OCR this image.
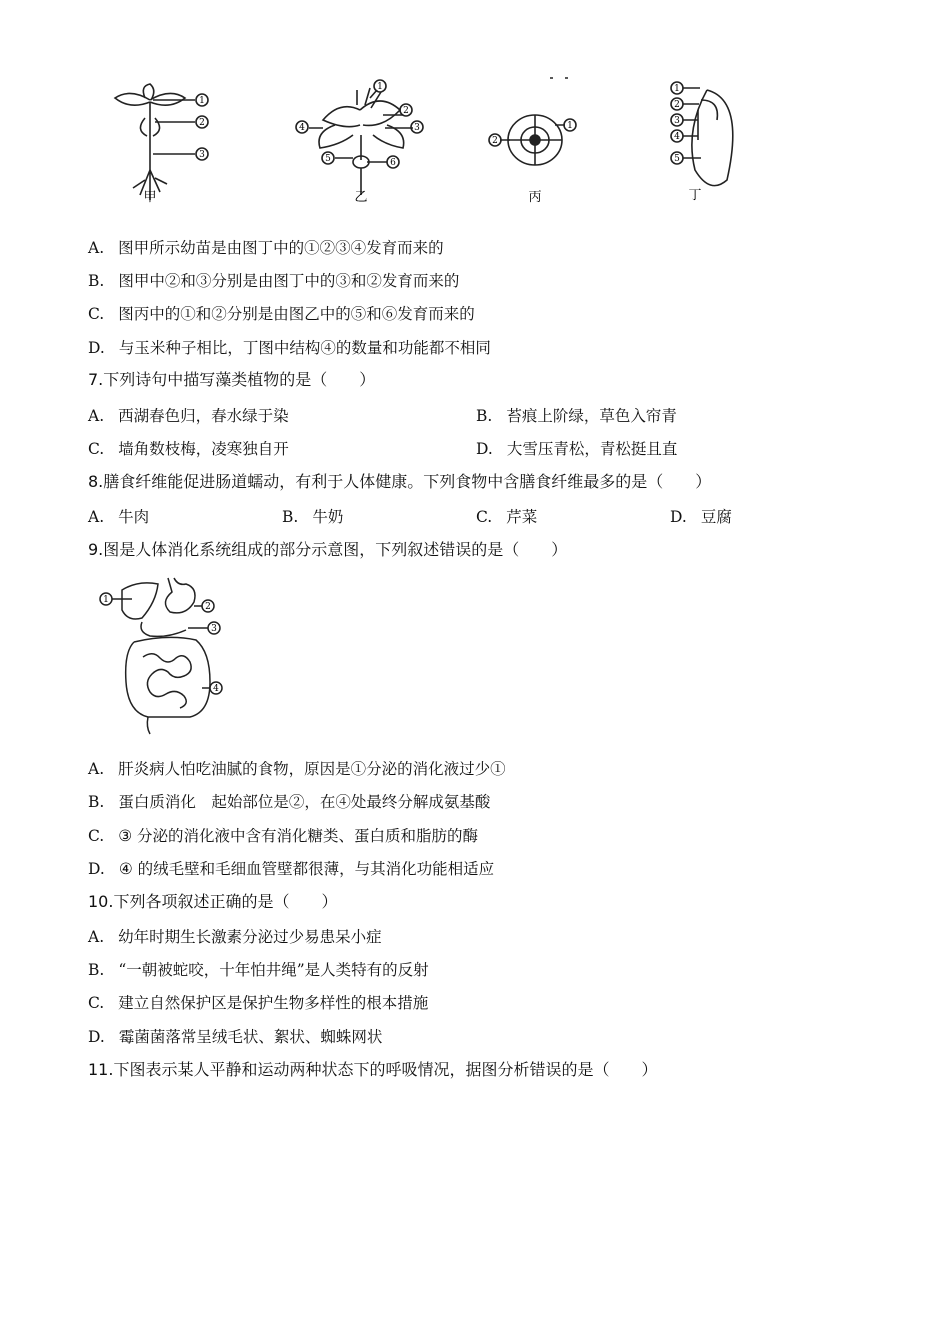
甲	乙	丙	丁
1
2
3
1
2
3
4
5	6
1
2
1
2
3
4
5
A. 图甲所示幼苗是由图丁中的①②③④发育而来的
B. 图甲中②和③分别是由图丁中的③和②发育而来的
C. 图丙中的①和②分别是由图乙中的⑤和⑥发育而来的
D. 与玉米种子相比，丁图中结构④的数量和功能都不相同
7.下列诗句中描写藻类植物的是（　　）
A. 西湖春色归，春水绿于染	B. 苔痕上阶绿，草色入帘青
C. 墙角数枝梅，凌寒独自开	D. 大雪压青松，青松挺且直
8.膳食纤维能促进肠道蠕动，有利于人体健康。下列食物中含膳食纤维最多的是（　　）
A. 牛肉	B. 牛奶	C. 芹菜	D. 豆腐
9.图是人体消化系统组成的部分示意图，下列叙述错误的是（　　）
1
2
3
4
A. 肝炎病人怕吃油腻的食物，原因是①分泌的消化液过少①
B. 蛋白质消化　起始部位是②，在④处最终分解成氨基酸
C. ③ 分泌的消化液中含有消化糖类、蛋白质和脂肪的酶
D. ④ 的绒毛壁和毛细血管壁都很薄，与其消化功能相适应
10.下列各项叙述正确的是（　　）
A. 幼年时期生长激素分泌过少易患呆小症
B. “一朝被蛇咬，十年怕井绳”是人类特有的反射
C. 建立自然保护区是保护生物多样性的根本措施
D. 霉菌菌落常呈绒毛状、絮状、蜘蛛网状
11.下图表示某人平静和运动两种状态下的呼吸情况，据图分析错误的是（　　）
